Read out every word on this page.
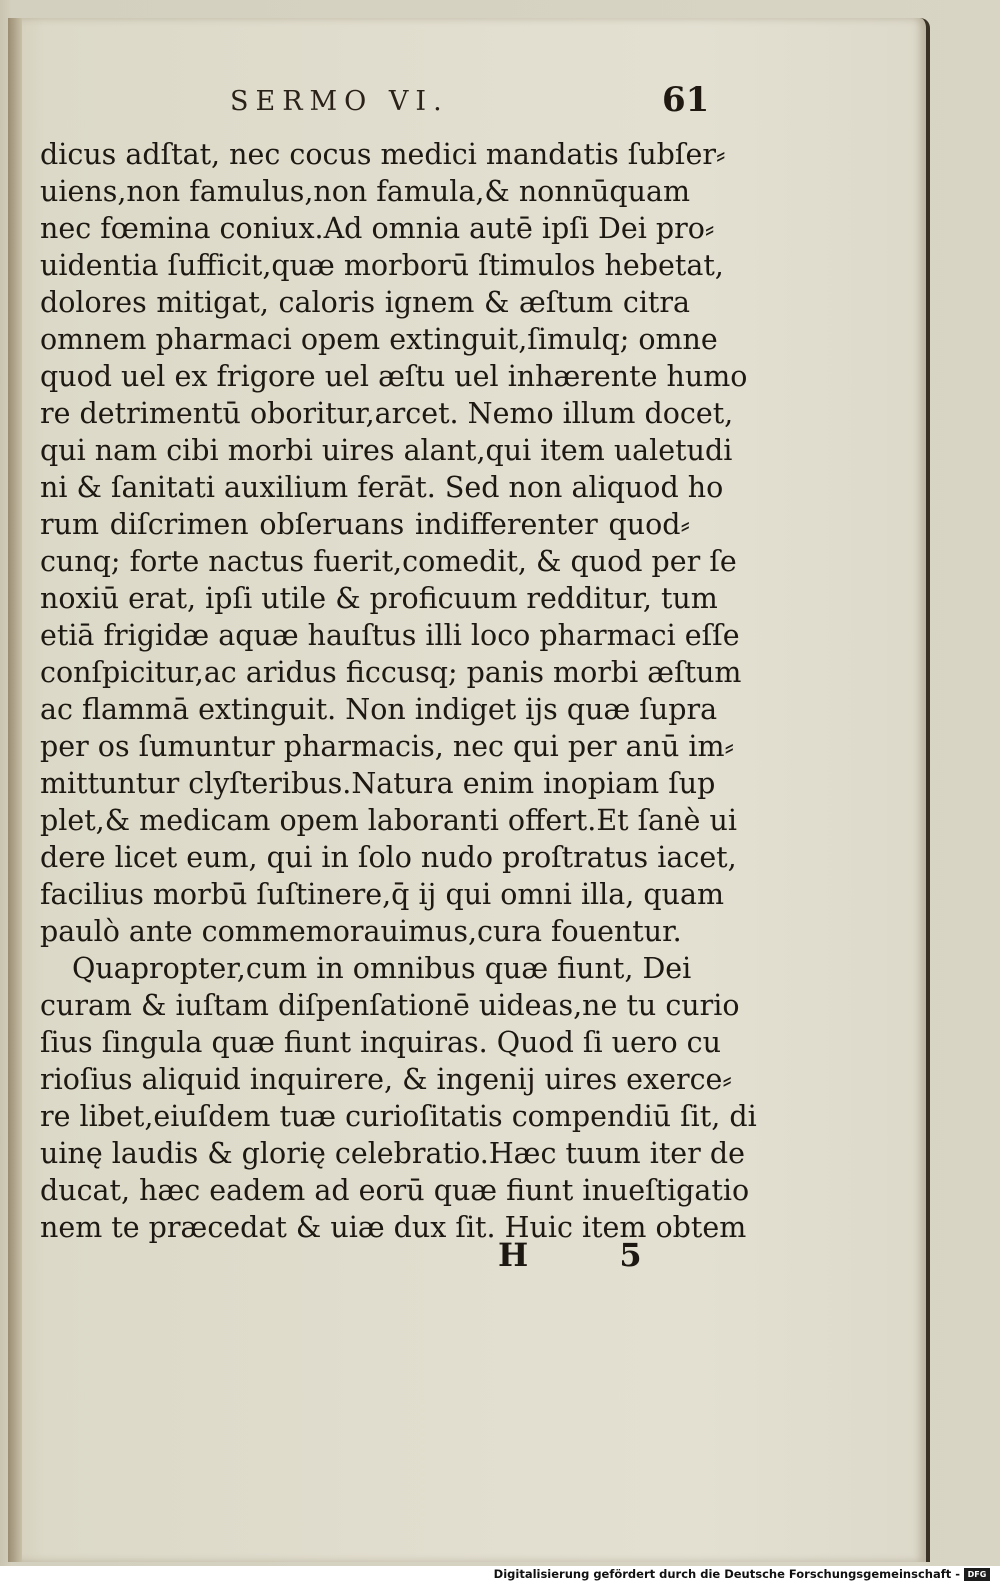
SERMO VI.	61
dicus adſtat, nec cocus medici mandatis ſubſer⸗
uiens,non famulus,non famula,& nonnūquam
nec fœmina coniux.Ad omnia autē ipſi Dei pro⸗
uidentia ſufficit,quæ morborū ſtimulos hebetat,
dolores mitigat, caloris ignem & æſtum citra
omnem pharmaci opem extinguit,ſimulq; omne
quod uel ex frigore uel æſtu uel inhærente humo
re detrimentū oboritur,arcet. Nemo illum docet,
qui nam cibi morbi uires alant,qui item ualetudi
ni & ſanitati auxilium ferāt. Sed non aliquod ho
rum diſcrimen obſeruans indifferenter quod⸗
cunq; forte nactus fuerit,comedit, & quod per ſe
noxiū erat, ipſi utile & proficuum redditur, tum
etiā frigidæ aquæ hauſtus illi loco pharmaci eſſe
conſpicitur,ac aridus ficcusq; panis morbi æſtum
ac flammā extinguit. Non indiget ijs quæ ſupra
per os ſumuntur pharmacis, nec qui per anū im⸗
mittuntur clyſteribus.Natura enim inopiam ſup
plet,& medicam opem laboranti offert.Et ſanè ui
dere licet eum, qui in ſolo nudo proſtratus iacet,
facilius morbū ſuſtinere,q̄ ij qui omni illa, quam
paulò ante commemorauimus,cura fouentur.
Quapropter,cum in omnibus quæ fiunt, Dei
curam & iuſtam diſpenſationē uideas,ne tu curio
ſius ſingula quæ fiunt inquiras. Quod ſi uero cu
rioſius aliquid inquirere, & ingenij uires exerce⸗
re libet,eiuſdem tuæ curioſitatis compendiū ſit, di
uinę laudis & glorię celebratio.Hæc tuum iter de
ducat, hæc eadem ad eorū quæ fiunt inueſtigatio
nem te præcedat & uiæ dux ſit. Huic item obtem
H 5
Digitalisierung gefördert durch die Deutsche Forschungsgemeinschaft - DFG
